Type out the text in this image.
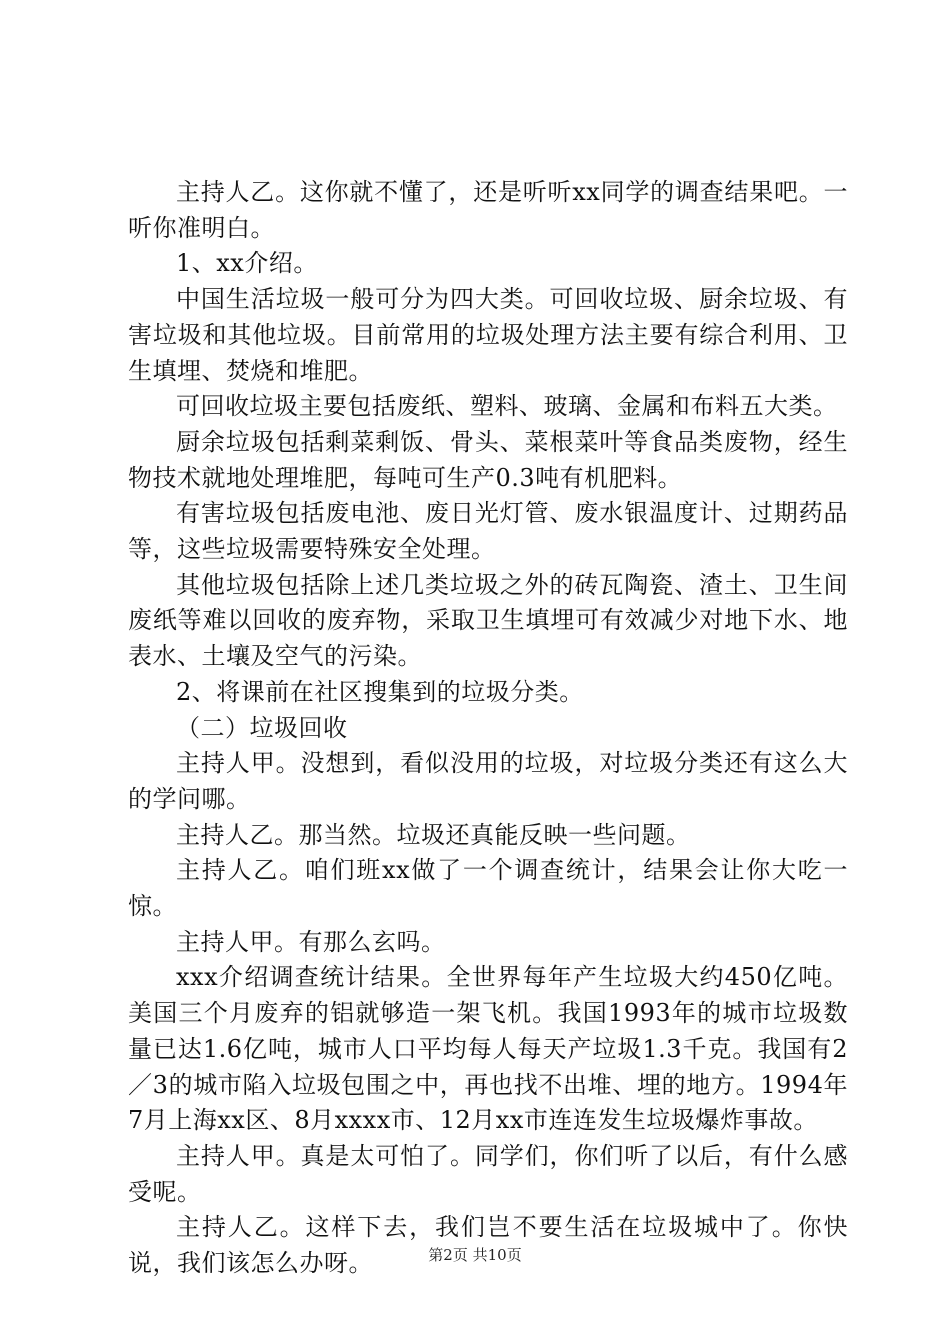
主持人乙。这你就不懂了，还是听听xx同学的调查结果吧。一听你准明白。

1、xx介绍。

中国生活垃圾一般可分为四大类。可回收垃圾、厨余垃圾、有害垃圾和其他垃圾。目前常用的垃圾处理方法主要有综合利用、卫生填埋、焚烧和堆肥。

可回收垃圾主要包括废纸、塑料、玻璃、金属和布料五大类。

厨余垃圾包括剩菜剩饭、骨头、菜根菜叶等食品类废物，经生物技术就地处理堆肥，每吨可生产0.3吨有机肥料。

有害垃圾包括废电池、废日光灯管、废水银温度计、过期药品等，这些垃圾需要特殊安全处理。

其他垃圾包括除上述几类垃圾之外的砖瓦陶瓷、渣土、卫生间废纸等难以回收的废弃物，采取卫生填埋可有效减少对地下水、地表水、土壤及空气的污染。

2、将课前在社区搜集到的垃圾分类。

（二）垃圾回收

主持人甲。没想到，看似没用的垃圾，对垃圾分类还有这么大的学问哪。

主持人乙。那当然。垃圾还真能反映一些问题。

主持人乙。咱们班xx做了一个调查统计，结果会让你大吃一惊。

主持人甲。有那么玄吗。

xxx介绍调查统计结果。全世界每年产生垃圾大约450亿吨。美国三个月废弃的铝就够造一架飞机。我国1993年的城市垃圾数量已达1.6亿吨，城市人口平均每人每天产垃圾1.3千克。我国有2／3的城市陷入垃圾包围之中，再也找不出堆、埋的地方。1994年7月上海xx区、8月xxxx市、12月xx市连连发生垃圾爆炸事故。

主持人甲。真是太可怕了。同学们，你们听了以后，有什么感受呢。

主持人乙。这样下去，我们岂不要生活在垃圾城中了。你快说，我们该怎么办呀。	第2页 共10页
